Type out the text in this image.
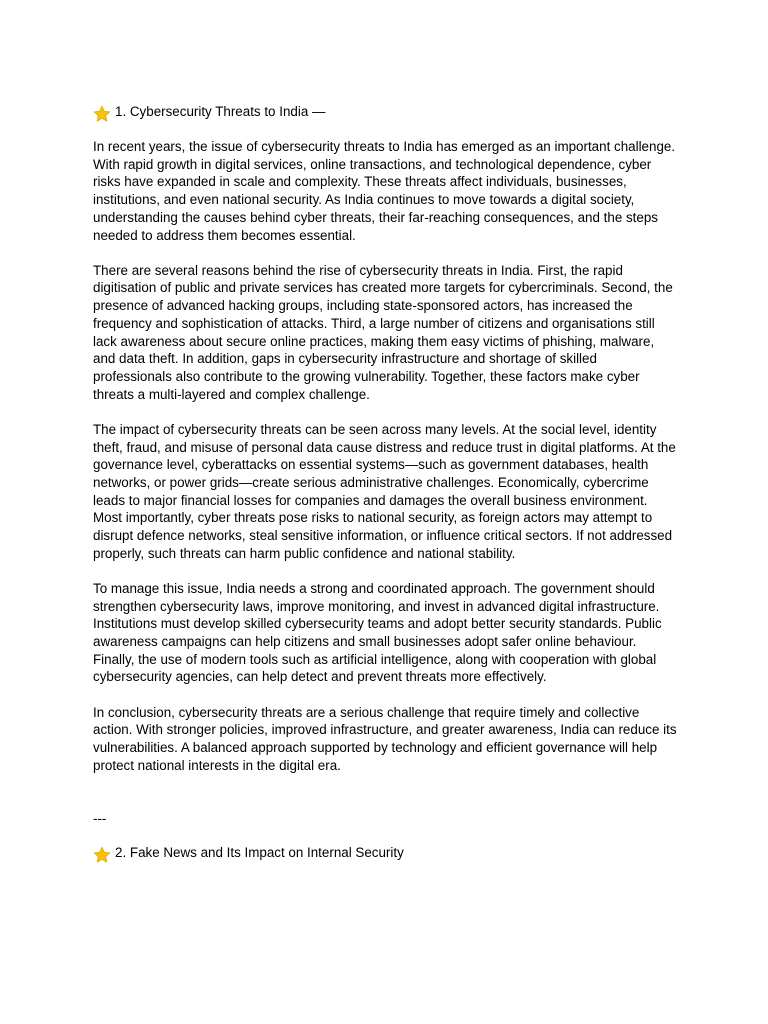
1. Cybersecurity Threats to India —

In recent years, the issue of cybersecurity threats to India has emerged as an important challenge. With rapid growth in digital services, online transactions, and technological dependence, cyber risks have expanded in scale and complexity. These threats affect individuals, businesses, institutions, and even national security. As India continues to move towards a digital society, understanding the causes behind cyber threats, their far-reaching consequences, and the steps needed to address them becomes essential.

There are several reasons behind the rise of cybersecurity threats in India. First, the rapid digitisation of public and private services has created more targets for cybercriminals. Second, the presence of advanced hacking groups, including state-sponsored actors, has increased the frequency and sophistication of attacks. Third, a large number of citizens and organisations still lack awareness about secure online practices, making them easy victims of phishing, malware, and data theft. In addition, gaps in cybersecurity infrastructure and shortage of skilled professionals also contribute to the growing vulnerability. Together, these factors make cyber threats a multi-layered and complex challenge.

The impact of cybersecurity threats can be seen across many levels. At the social level, identity theft, fraud, and misuse of personal data cause distress and reduce trust in digital platforms. At the governance level, cyberattacks on essential systems—such as government databases, health networks, or power grids—create serious administrative challenges. Economically, cybercrime leads to major financial losses for companies and damages the overall business environment. Most importantly, cyber threats pose risks to national security, as foreign actors may attempt to disrupt defence networks, steal sensitive information, or influence critical sectors. If not addressed properly, such threats can harm public confidence and national stability.

To manage this issue, India needs a strong and coordinated approach. The government should strengthen cybersecurity laws, improve monitoring, and invest in advanced digital infrastructure. Institutions must develop skilled cybersecurity teams and adopt better security standards. Public awareness campaigns can help citizens and small businesses adopt safer online behaviour. Finally, the use of modern tools such as artificial intelligence, along with cooperation with global cybersecurity agencies, can help detect and prevent threats more effectively.

In conclusion, cybersecurity threats are a serious challenge that require timely and collective action. With stronger policies, improved infrastructure, and greater awareness, India can reduce its vulnerabilities. A balanced approach supported by technology and efficient governance will help protect national interests in the digital era.

---

2. Fake News and Its Impact on Internal Security
